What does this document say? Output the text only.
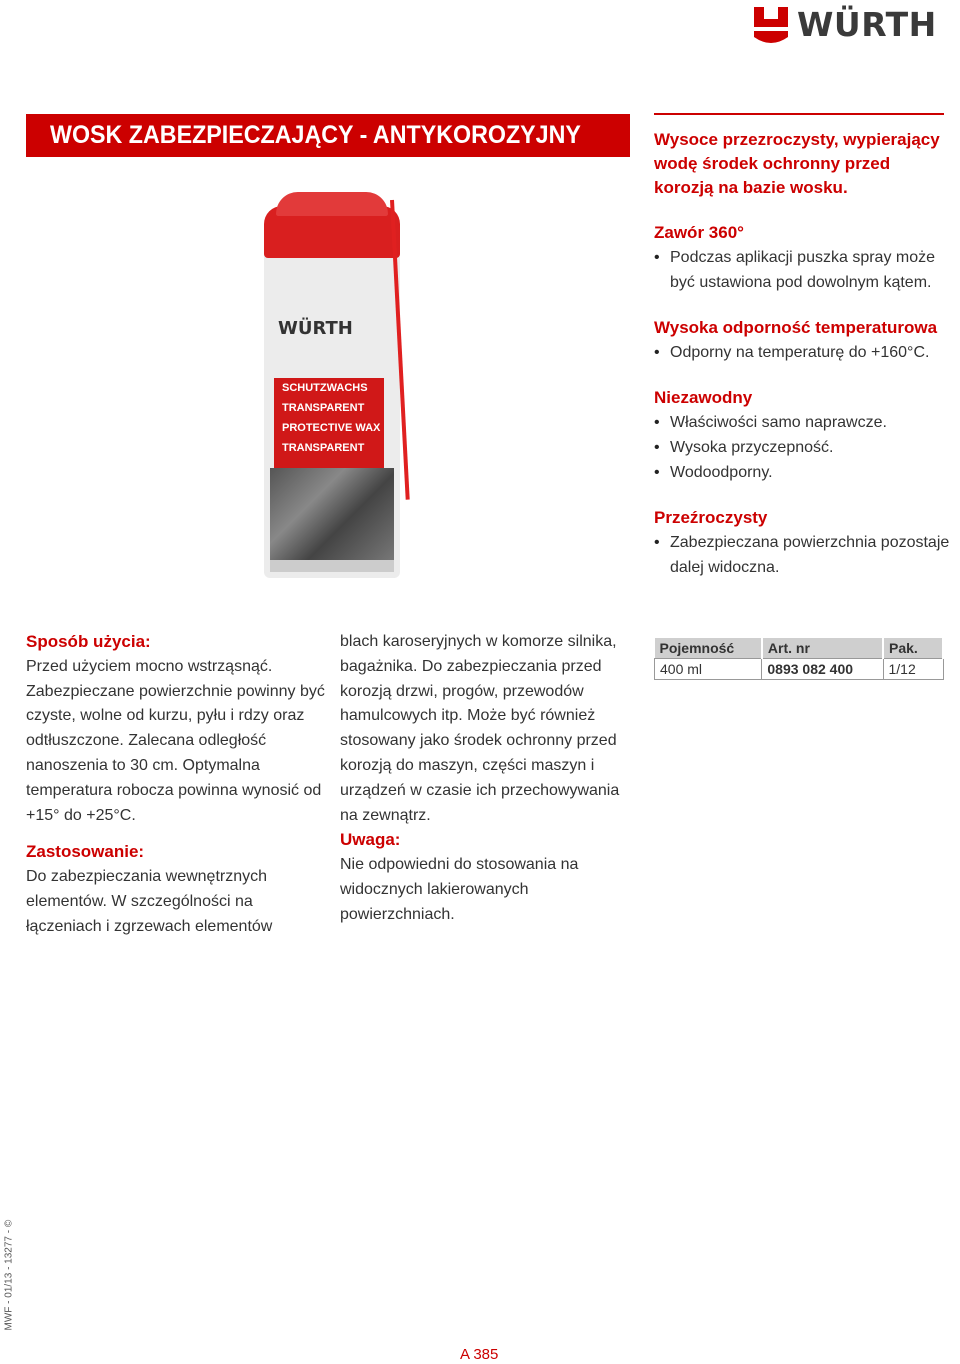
WÜRTH
WOSK ZABEZPIECZAJĄCY - ANTYKOROZYJNY	Wysoce przezroczysty, wypierający wodę środek ochronny przed korozją na bazie wosku.
Zawór 360°
• Podczas aplikacji puszka spray może być ustawiona pod dowolnym kątem.
Wysoka odporność temperaturowa
• Odporny na temperaturę do +160°C.
Niezawodny
• Właściwości samo naprawcze.
• Wysoka przyczepność.
• Wodoodporny.
Przeźroczysty
• Zabezpieczana powierzchnia pozostaje dalej widoczna.
WÜRTH
SCHUTZWACHS
TRANSPARENT
PROTECTIVE WAX
TRANSPARENT
Sposób użycia:
Przed użyciem mocno wstrząsnąć. Zabezpieczane powierzchnie powinny być czyste, wolne od kurzu, pyłu i rdzy oraz odtłuszczone. Zalecana odległość nanoszenia to 30 cm. Optymalna temperatura robocza powinna wynosić od +15° do +25°C.
Zastosowanie:
Do zabezpieczania wewnętrznych elementów. W szczególności na łączeniach i zgrzewach elementów
blach karoseryjnych w komorze silnika, bagażnika. Do zabezpieczania przed korozją drzwi, progów, przewodów hamulcowych itp. Może być również stosowany jako środek ochronny przed korozją do maszyn, części maszyn i urządzeń w czasie ich przechowywania na zewnątrz.
Uwaga:
Nie odpowiedni do stosowania na widocznych lakierowanych powierzchniach.
Pojemność	Art. nr	Pak.
400 ml	0893 082 400	1/12
MWF - 01/13 - 13277 - ©
A 385
